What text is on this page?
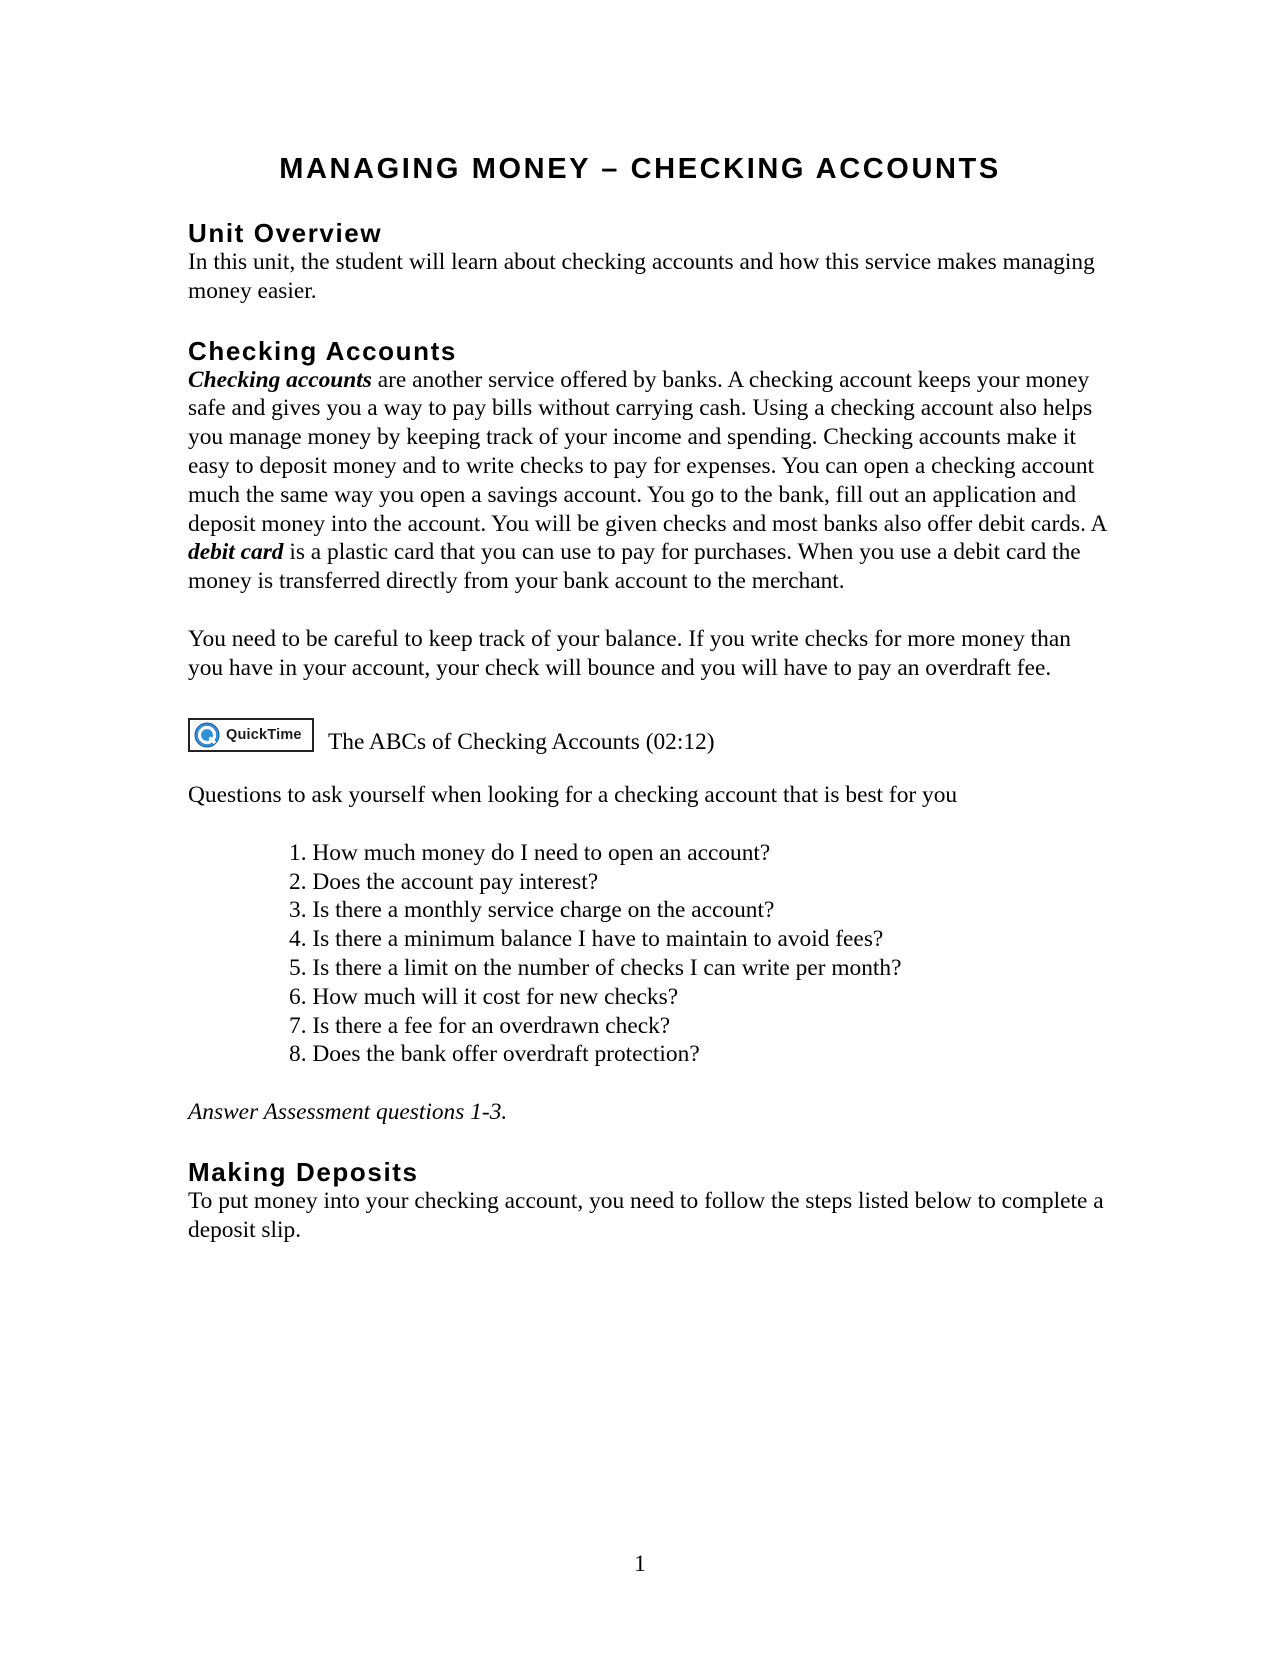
MANAGING MONEY – CHECKING ACCOUNTS
Unit Overview

In this unit, the student will learn about checking accounts and how this service makes managing money easier.

Checking Accounts

Checking accounts are another service offered by banks. A checking account keeps your money safe and gives you a way to pay bills without carrying cash. Using a checking account also helps you manage money by keeping track of your income and spending. Checking accounts make it easy to deposit money and to write checks to pay for expenses. You can open a checking account much the same way you open a savings account. You go to the bank, fill out an application and deposit money into the account. You will be given checks and most banks also offer debit cards. A debit card is a plastic card that you can use to pay for purchases. When you use a debit card the money is transferred directly from your bank account to the merchant.

You need to be careful to keep track of your balance. If you write checks for more money than you have in your account, your check will bounce and you will have to pay an overdraft fee.

QuickTime The ABCs of Checking Accounts (02:12)

Questions to ask yourself when looking for a checking account that is best for you

1. How much money do I need to open an account?
2. Does the account pay interest?
3. Is there a monthly service charge on the account?
4. Is there a minimum balance I have to maintain to avoid fees?
5. Is there a limit on the number of checks I can write per month?
6. How much will it cost for new checks?
7. Is there a fee for an overdrawn check?
8. Does the bank offer overdraft protection?

Answer Assessment questions 1-3.

Making Deposits

To put money into your checking account, you need to follow the steps listed below to complete a deposit slip.

1
